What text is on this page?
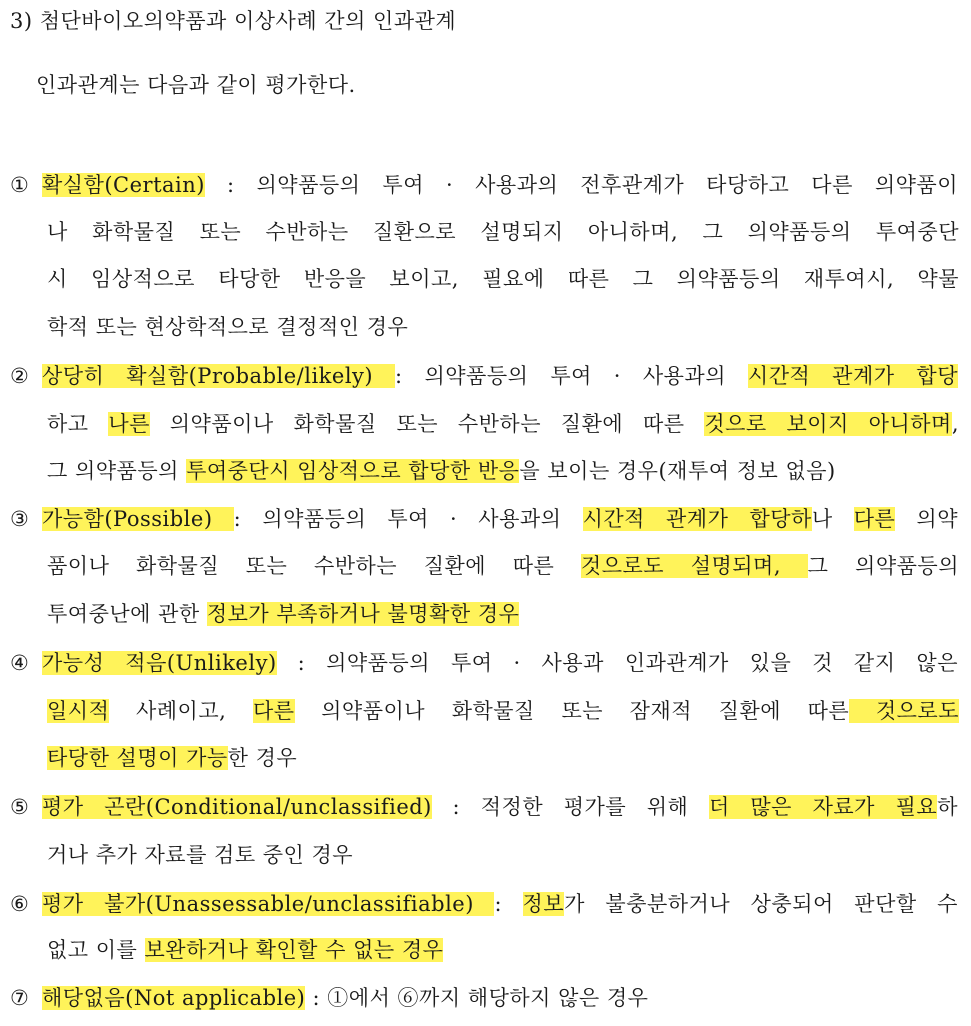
3) 첨단바이오의약품과 이상사례 간의 인과관계
인과관계는 다음과 같이 평가한다.
① 확실함(Certain) : 의약품등의 투여 · 사용과의 전후관계가 타당하고 다른 의약품이
나 화학물질 또는 수반하는 질환으로 설명되지 아니하며, 그 의약품등의 투여중단
시 임상적으로 타당한 반응을 보이고, 필요에 따른 그 의약품등의 재투여시, 약물
학적 또는 현상학적으로 결정적인 경우
② 상당히 확실함(Probable/likely) : 의약품등의 투여 · 사용과의 시간적 관계가 합당
하고 나른 의약품이나 화학물질 또는 수반하는 질환에 따른 것으로 보이지 아니하며,
그 의약품등의 투여중단시 임상적으로 합당한 반응을 보이는 경우(재투여 정보 없음)
③ 가능함(Possible) : 의약품등의 투여 · 사용과의 시간적 관계가 합당하나 다른 의약
품이나 화학물질 또는 수반하는 질환에 따른 것으로도 설명되며, 그 의약품등의
투여중난에 관한 정보가 부족하거나 불명확한 경우
④ 가능성 적음(Unlikely) : 의약품등의 투여 · 사용과 인과관계가 있을 것 같지 않은
일시적 사례이고, 다른 의약품이나 화학물질 또는 잠재적 질환에 따른 것으로도
타당한 설명이 가능한 경우
⑤ 평가 곤란(Conditional/unclassified) : 적정한 평가를 위해 더 많은 자료가 필요하
거나 추가 자료를 검토 중인 경우
⑥ 평가 불가(Unassessable/unclassifiable) : 정보가 불충분하거나 상충되어 판단할 수
없고 이를 보완하거나 확인할 수 없는 경우
⑦ 해당없음(Not applicable) : ①에서 ⑥까지 해당하지 않은 경우
